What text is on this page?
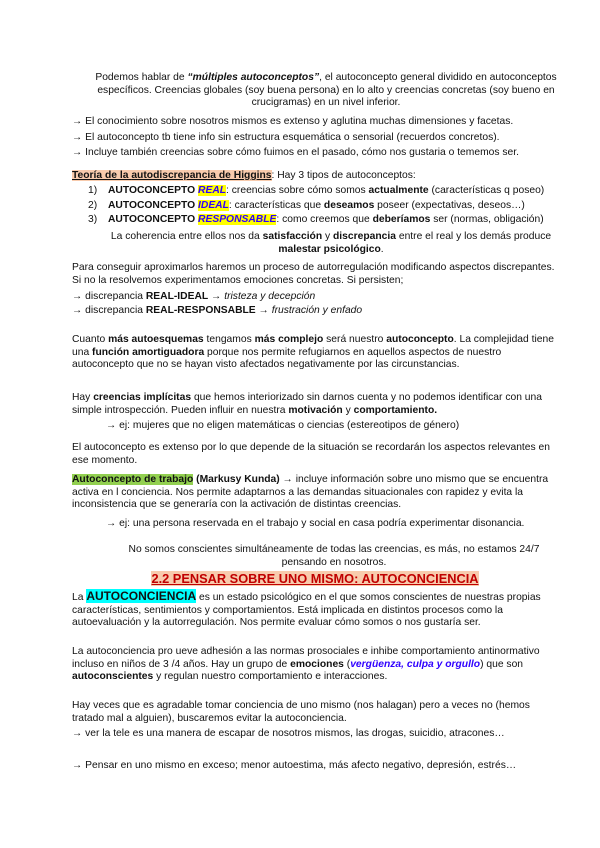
Podemos hablar de “múltiples autoconceptos”, el autoconcepto general dividido en autoconceptos específicos. Creencias globales (soy buena persona) en lo alto y creencias concretas (soy bueno en crucigramas) en un nivel inferior.

→ El conocimiento sobre nosotros mismos es extenso y aglutina muchas dimensiones y facetas.

→ El autoconcepto tb tiene info sin estructura esquemática o sensorial (recuerdos concretos).

→ Incluye también creencias sobre cómo fuimos en el pasado, cómo nos gustaria o tememos ser.

Teoría de la autodiscrepancia de Higgins: Hay 3 tipos de autoconceptos:

1) AUTOCONCEPTO REAL: creencias sobre cómo somos actualmente (características q poseo)
2) AUTOCONCEPTO IDEAL: características que deseamos poseer (expectativas, deseos…)
3) AUTOCONCEPTO RESPONSABLE: como creemos que deberíamos ser (normas, obligación)

La coherencia entre ellos nos da satisfacción y discrepancia entre el real y los demás produce malestar psicológico.

Para conseguir aproximarlos haremos un proceso de autorregulación modificando aspectos discrepantes. Si no la resolvemos experimentamos emociones concretas. Si persisten;

→ discrepancia REAL-IDEAL → tristeza y decepción

→ discrepancia REAL-RESPONSABLE → frustración y enfado

Cuanto más autoesquemas tengamos más complejo será nuestro autoconcepto. La complejidad tiene una función amortiguadora porque nos permite refugiarnos en aquellos aspectos de nuestro autoconcepto que no se hayan visto afectados negativamente por las circunstancias.

Hay creencias implícitas que hemos interiorizado sin darnos cuenta y no podemos identificar con una simple introspección. Pueden influir en nuestra motivación y comportamiento.

→ ej: mujeres que no eligen matemáticas o ciencias (estereotipos de género)

El autoconcepto es extenso por lo que depende de la situación se recordarán los aspectos relevantes en ese momento.

Autoconcepto de trabajo (Markusy Kunda) → incluye información sobre uno mismo que se encuentra activa en l conciencia. Nos permite adaptarnos a las demandas situacionales con rapidez y evita la inconsistencia que se generaría con la activación de distintas creencias.

→ ej: una persona reservada en el trabajo y social en casa podría experimentar disonancia.

No somos conscientes simultáneamente de todas las creencias, es más, no estamos 24/7 pensando en nosotros.

2.2 PENSAR SOBRE UNO MISMO: AUTOCONCIENCIA

La AUTOCONCIENCIA es un estado psicológico en el que somos conscientes de nuestras propias características, sentimientos y comportamientos. Está implicada en distintos procesos como la autoevaluación y la autorregulación. Nos permite evaluar cómo somos o nos gustaría ser.

La autoconciencia pro ueve adhesión a las normas prosociales e inhibe comportamiento antinormativo incluso en niños de 3 /4 años. Hay un grupo de emociones (vergüenza, culpa y orgullo) que son autoconscientes y regulan nuestro comportamiento e interacciones.

Hay veces que es agradable tomar conciencia de uno mismo (nos halagan) pero a veces no (hemos tratado mal a alguien), buscaremos evitar la autoconciencia.

→ ver la tele es una manera de escapar de nosotros mismos, las drogas, suicidio, atracones…

→ Pensar en uno mismo en exceso; menor autoestima, más afecto negativo, depresión, estrés…
